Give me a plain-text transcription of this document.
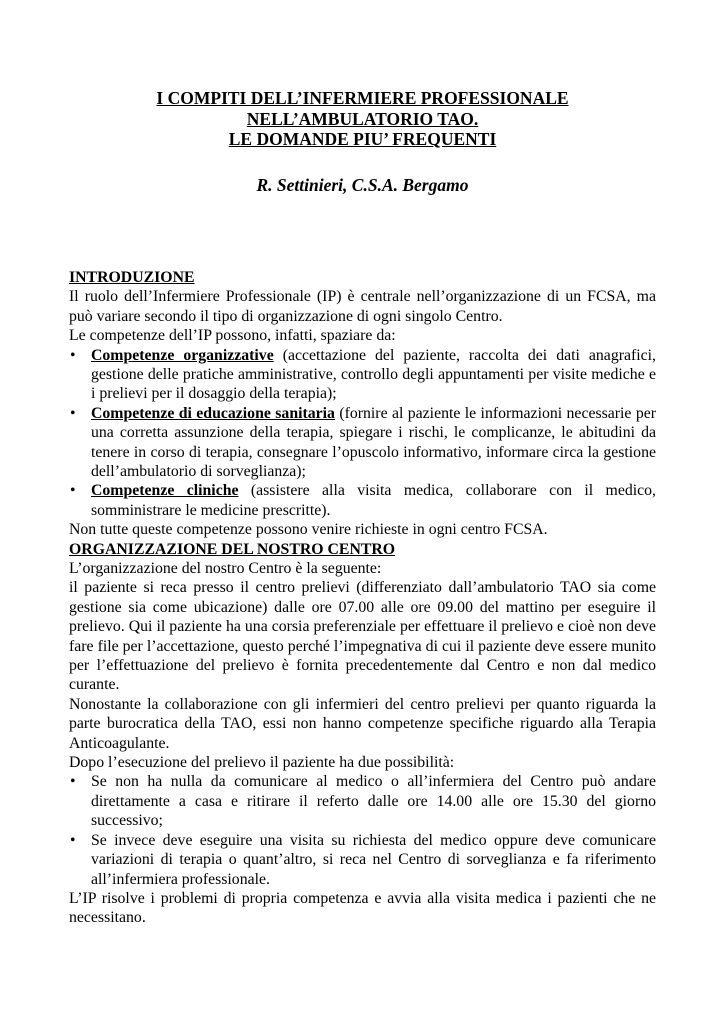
I COMPITI DELL’INFERMIERE PROFESSIONALE
NELL’AMBULATORIO TAO.
LE DOMANDE PIU’ FREQUENTI
R. Settinieri, C.S.A. Bergamo
INTRODUZIONE

Il ruolo dell’Infermiere Professionale (IP) è centrale nell’organizzazione di un FCSA, ma può variare secondo il tipo di organizzazione di ogni singolo Centro.

Le competenze dell’IP possono, infatti, spaziare da:

• Competenze organizzative (accettazione del paziente, raccolta dei dati anagrafici, gestione delle pratiche amministrative, controllo degli appuntamenti per visite mediche e i prelievi per il dosaggio della terapia);
• Competenze di educazione sanitaria (fornire al paziente le informazioni necessarie per una corretta assunzione della terapia, spiegare i rischi, le complicanze, le abitudini da tenere in corso di terapia, consegnare l’opuscolo informativo, informare circa la gestione dell’ambulatorio di sorveglianza);
• Competenze cliniche (assistere alla visita medica, collaborare con il medico, somministrare le medicine prescritte).

Non tutte queste competenze possono venire richieste in ogni centro FCSA.

ORGANIZZAZIONE DEL NOSTRO CENTRO

L’organizzazione del nostro Centro è la seguente:

il paziente si reca presso il centro prelievi (differenziato dall’ambulatorio TAO sia come gestione sia come ubicazione) dalle ore 07.00 alle ore 09.00 del mattino per eseguire il prelievo. Qui il paziente ha una corsia preferenziale per effettuare il prelievo e cioè non deve fare file per l’accettazione, questo perché l’impegnativa di cui il paziente deve essere munito per l’effettuazione del prelievo è fornita precedentemente dal Centro e non dal medico curante.

Nonostante la collaborazione con gli infermieri del centro prelievi per quanto riguarda la parte burocratica della TAO, essi non hanno competenze specifiche riguardo alla Terapia Anticoagulante.

Dopo l’esecuzione del prelievo il paziente ha due possibilità:

• Se non ha nulla da comunicare al medico o all’infermiera del Centro può andare direttamente a casa e ritirare il referto dalle ore 14.00 alle ore 15.30 del giorno successivo;
• Se invece deve eseguire una visita su richiesta del medico oppure deve comunicare variazioni di terapia o quant’altro, si reca nel Centro di sorveglianza e fa riferimento all’infermiera professionale.

L’IP risolve i problemi di propria competenza e avvia alla visita medica i pazienti che ne necessitano.
